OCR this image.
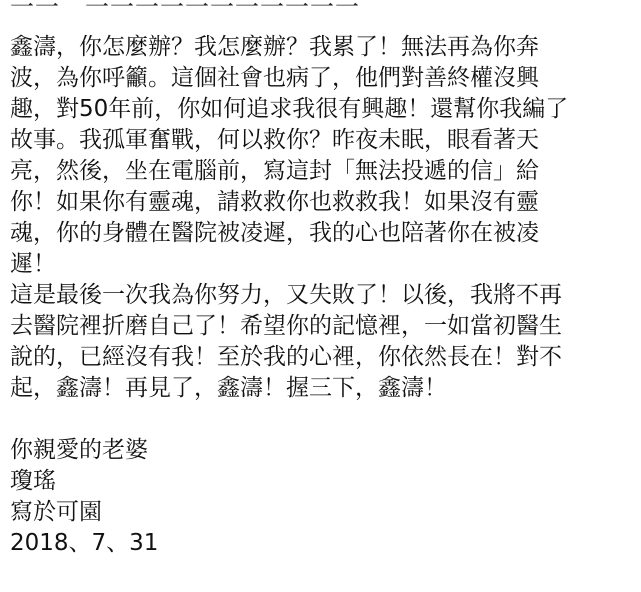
一一　一一一一一一一一一一一
鑫濤，你怎麼辦？我怎麼辦？我累了！無法再為你奔
波，為你呼籲。這個社會也病了，他們對善終權沒興
趣，對50年前，你如何追求我很有興趣！還幫你我編了
故事。我孤軍奮戰，何以救你？昨夜未眠，眼看著天
亮，然後，坐在電腦前，寫這封「無法投遞的信」給
你！如果你有靈魂，請救救你也救救我！如果沒有靈
魂，你的身體在醫院被凌遲，我的心也陪著你在被凌
遲！
這是最後一次我為你努力，又失敗了！以後，我將不再
去醫院裡折磨自己了！希望你的記憶裡，一如當初醫生
說的，已經沒有我！至於我的心裡，你依然長在！對不
起，鑫濤！再見了，鑫濤！握三下，鑫濤！
你親愛的老婆
瓊瑤
寫於可園
2018、7、31
